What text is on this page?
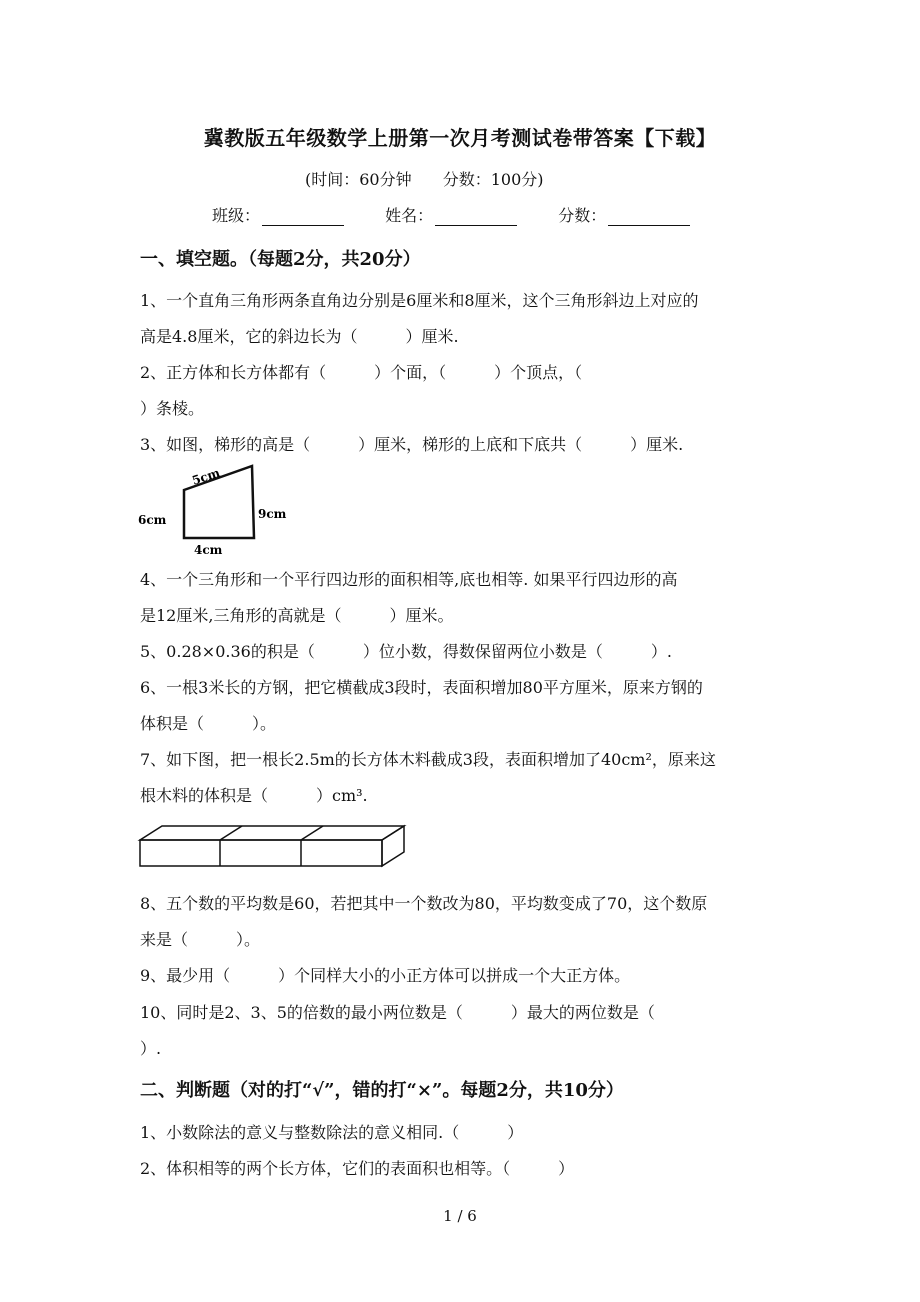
冀教版五年级数学上册第一次月考测试卷带答案【下载】
(时间：60分钟 分数：100分)
班级：	姓名：	分数：
一、填空题。（每题2分，共20分）
1、一个直角三角形两条直角边分别是6厘米和8厘米，这个三角形斜边上对应的
高是4.8厘米，它的斜边长为（　　　）厘米.
2、正方体和长方体都有（　　　）个面，（　　　）个顶点，（
）条棱。
3、如图，梯形的高是（　　　）厘米，梯形的上底和下底共（　　　）厘米.
5cm
6cm	9cm
4cm
4、一个三角形和一个平行四边形的面积相等,底也相等. 如果平行四边形的高
是12厘米,三角形的高就是（　　　）厘米。
5、0.28×0.36的积是（　　　）位小数，得数保留两位小数是（　　　）.
6、一根3米长的方钢，把它横截成3段时，表面积增加80平方厘米，原来方钢的
体积是（　　　）。
7、如下图，把一根长2.5m的长方体木料截成3段，表面积增加了40cm²，原来这
根木料的体积是（　　　）cm³.
8、五个数的平均数是60，若把其中一个数改为80，平均数变成了70，这个数原
来是（　　　）。
9、最少用（　　　）个同样大小的小正方体可以拼成一个大正方体。
10、同时是2、3、5的倍数的最小两位数是（　　　）最大的两位数是（
）.
二、判断题（对的打“√”，错的打“×”。每题2分，共10分）
1、小数除法的意义与整数除法的意义相同.（　　　）
2、体积相等的两个长方体，它们的表面积也相等。（　　　）
1 / 6
